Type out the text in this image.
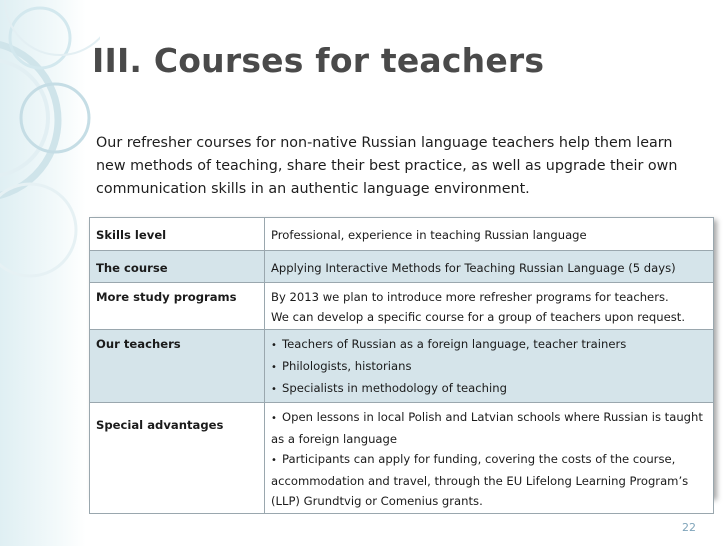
III. Courses for teachers
Our refresher courses for non-native Russian language teachers help them learn
new methods of teaching, share their best practice, as well as upgrade their own
communication skills in an authentic language environment.
Skills level	Professional, experience in teaching Russian language

The course	Applying Interactive Methods for Teaching Russian Language (5 days)

More study programs	By 2013 we plan to introduce more refresher programs for teachers.
We can develop a specific course for a group of teachers upon request.

Our teachers	• Teachers of Russian as a foreign language, teacher trainers
• Philologists, historians
• Specialists in methodology of teaching

Special advantages	• Open lessons in local Polish and Latvian schools where Russian is taught
as a foreign language
• Participants can apply for funding, covering the costs of the course,
accommodation and travel, through the EU Lifelong Learning Program’s
(LLP) Grundtvig or Comenius grants.
22
